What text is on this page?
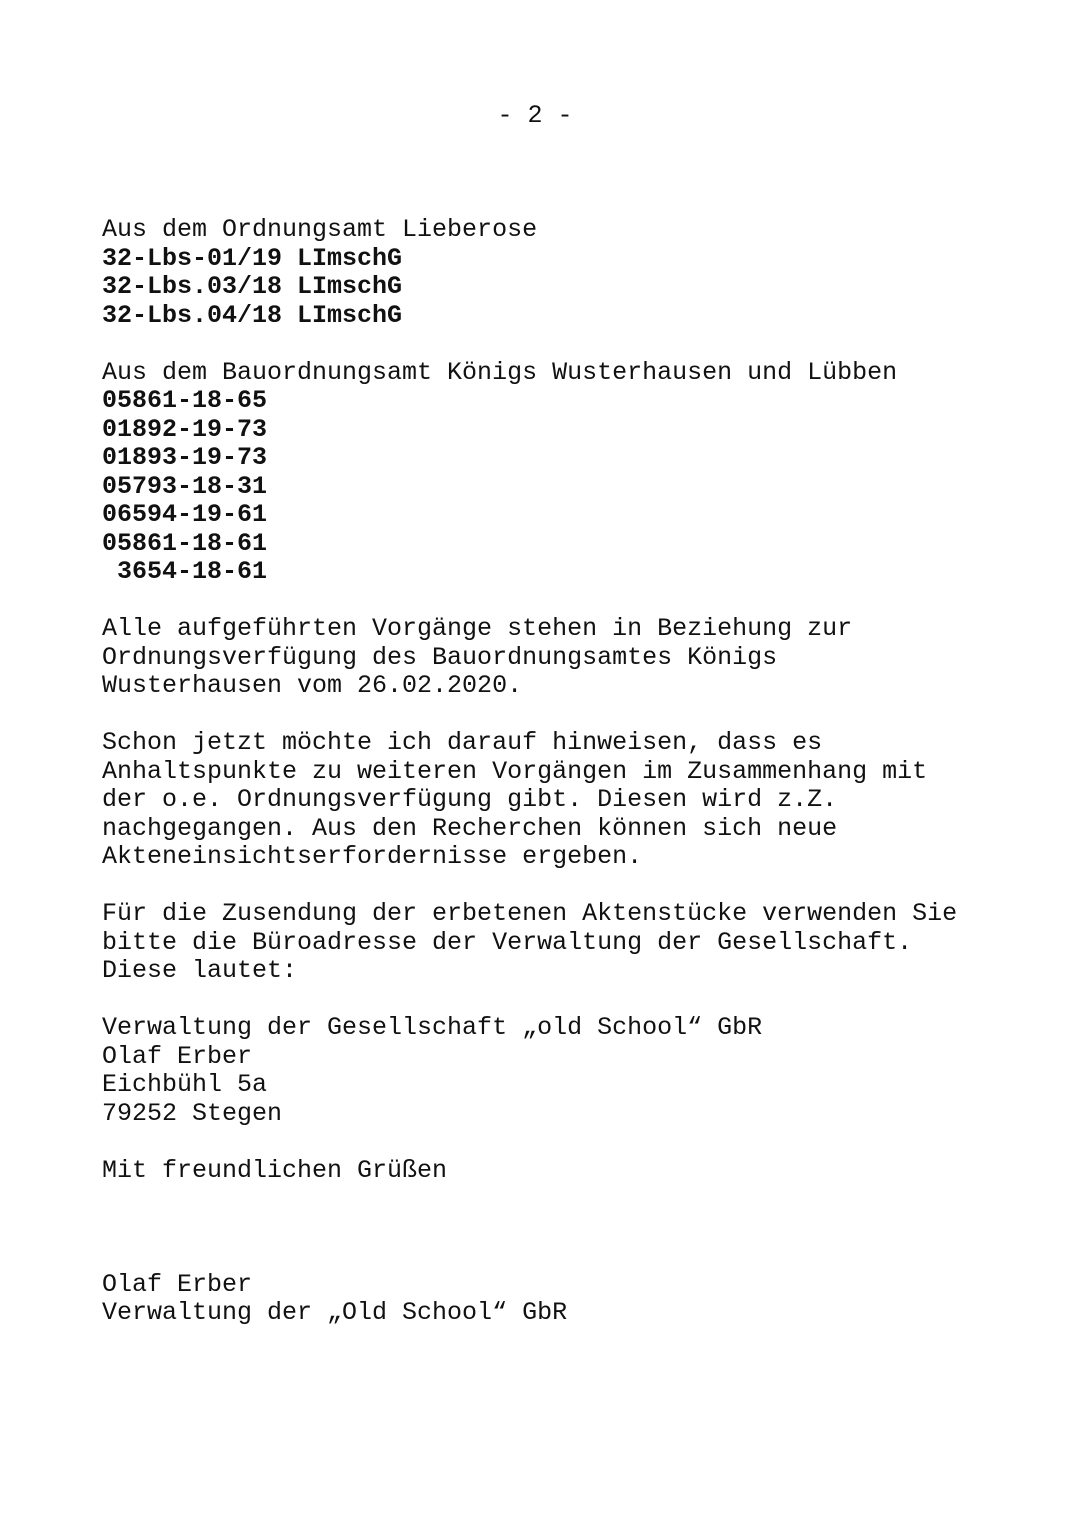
- 2 -
Aus dem Ordnungsamt Lieberose
32-Lbs-01/19 LImschG
32-Lbs.03/18 LImschG
32-Lbs.04/18 LImschG
Aus dem Bauordnungsamt Königs Wusterhausen und Lübben
05861-18-65
01892-19-73
01893-19-73
05793-18-31
06594-19-61
05861-18-61
3654-18-61
Alle aufgeführten Vorgänge stehen in Beziehung zur
Ordnungsverfügung des Bauordnungsamtes Königs
Wusterhausen vom 26.02.2020.
Schon jetzt möchte ich darauf hinweisen, dass es
Anhaltspunkte zu weiteren Vorgängen im Zusammenhang mit
der o.e. Ordnungsverfügung gibt. Diesen wird z.Z.
nachgegangen. Aus den Recherchen können sich neue
Akteneinsichtserfordernisse ergeben.
Für die Zusendung der erbetenen Aktenstücke verwenden Sie
bitte die Büroadresse der Verwaltung der Gesellschaft.
Diese lautet:
Verwaltung der Gesellschaft „old School“ GbR
Olaf Erber
Eichbühl 5a
79252 Stegen
Mit freundlichen Grüßen
Olaf Erber
Verwaltung der „Old School“ GbR
